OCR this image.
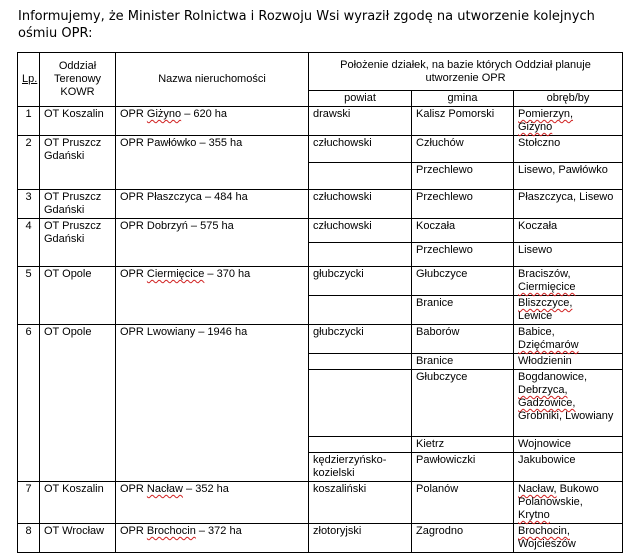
Informujemy, że Minister Rolnictwa i Rozwoju Wsi wyraził zgodę na utworzenie kolejnych
ośmiu OPR:
Lp.	Oddział Terenowy KOWR	Nazwa nieruchomości	Położenie działek, na bazie których Oddział planuje utworzenie OPR		
			powiat	gmina	obręb/by
1	OT Koszalin	OPR Giżyno – 620 ha	drawski	Kalisz Pomorski	Pomierzyn,
Giżyno
2	OT Pruszcz Gdański	OPR Pawłówko – 355 ha	człuchowski	Człuchów	Stołczno
				Przechlewo	Lisewo, Pawłówko
3	OT Pruszcz Gdański	OPR Płaszczyca – 484 ha	człuchowski	Przechlewo	Płaszczyca, Lisewo
4	OT Pruszcz Gdański	OPR Dobrzyń – 575 ha	człuchowski	Koczała	Koczała
				Przechlewo	Lisewo
5	OT Opole	OPR Ciermięcice – 370 ha	głubczycki	Głubczyce	Braciszów,
Ciermięcice
				Branice	Bliszczyce,
Lewice
6	OT Opole	OPR Lwowiany – 1946 ha	głubczycki	Baborów	Babice,
Dzięćmarów
				Branice	Włodzienin
				Głubczyce	Bogdanowice,
Debrzyca,
Gadzowice,
Grobniki, Lwowiany
				Kietrz	Wojnowice
			kędzierzyńsko-kozielski	Pawłowiczki	Jakubowice
7	OT Koszalin	OPR Nacław – 352 ha	koszaliński	Polanów	Nacław, Bukowo Polanowskie,
Krytno
8	OT Wrocław	OPR Brochocin – 372 ha	złotoryjski	Zagrodno	Brochocin,
Wojcieszów
